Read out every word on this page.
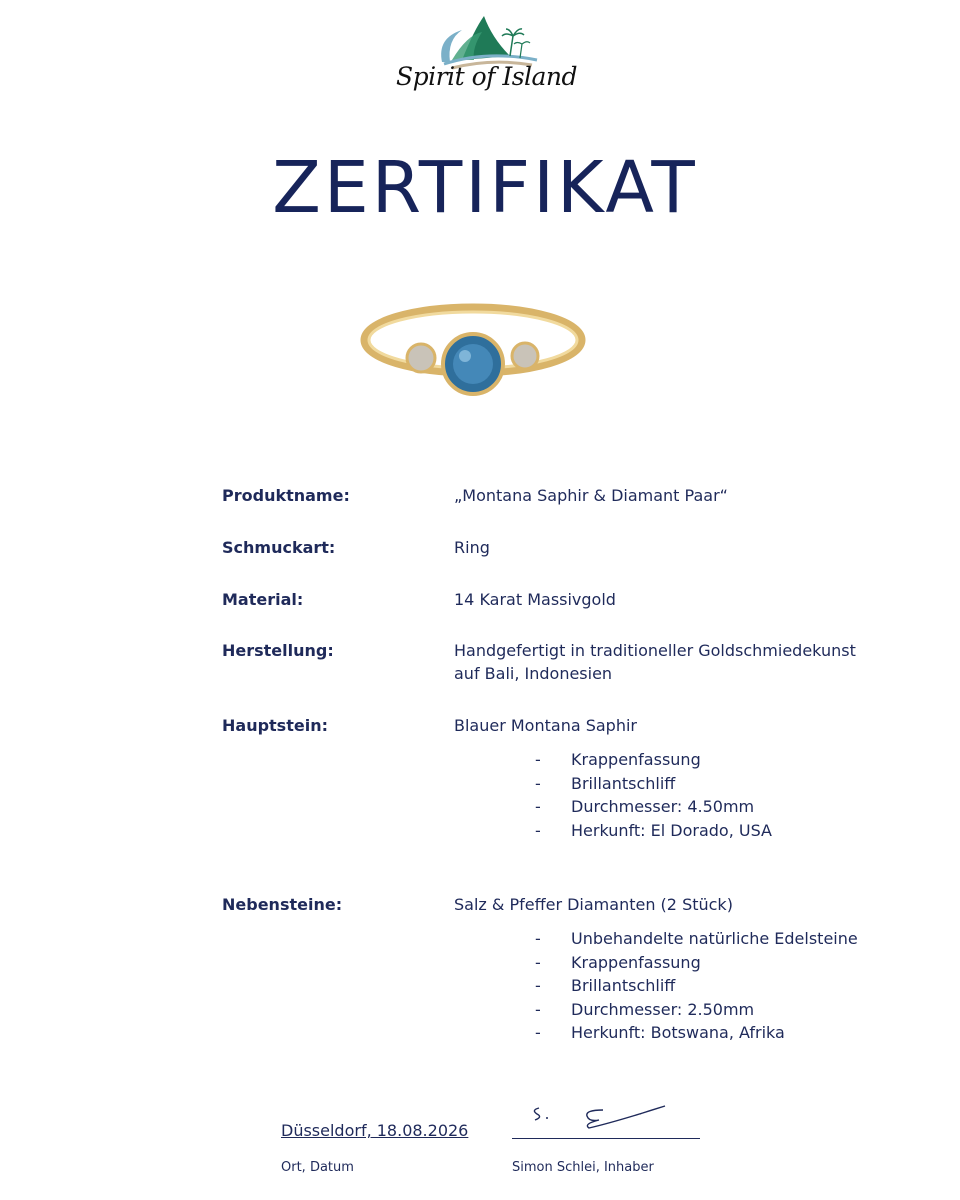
Spirit of Island
ZERTIFIKAT
Produktname:	„Montana Saphir & Diamant Paar“
Schmuckart:	Ring
Material:	14 Karat Massivgold
Herstellung:	Handgefertigt in traditioneller Goldschmiedekunst
auf Bali, Indonesien
Hauptstein:	Blauer Montana Saphir
- Krappenfassung
- Brillantschliff
- Durchmesser: 4.50mm
- Herkunft: El Dorado, USA
Nebensteine:	Salz & Pfeffer Diamanten (2 Stück)
- Unbehandelte natürliche Edelsteine
- Krappenfassung
- Brillantschliff
- Durchmesser: 2.50mm
- Herkunft: Botswana, Afrika
Düsseldorf, 18.08.2026
Ort, Datum	Simon Schlei, Inhaber
